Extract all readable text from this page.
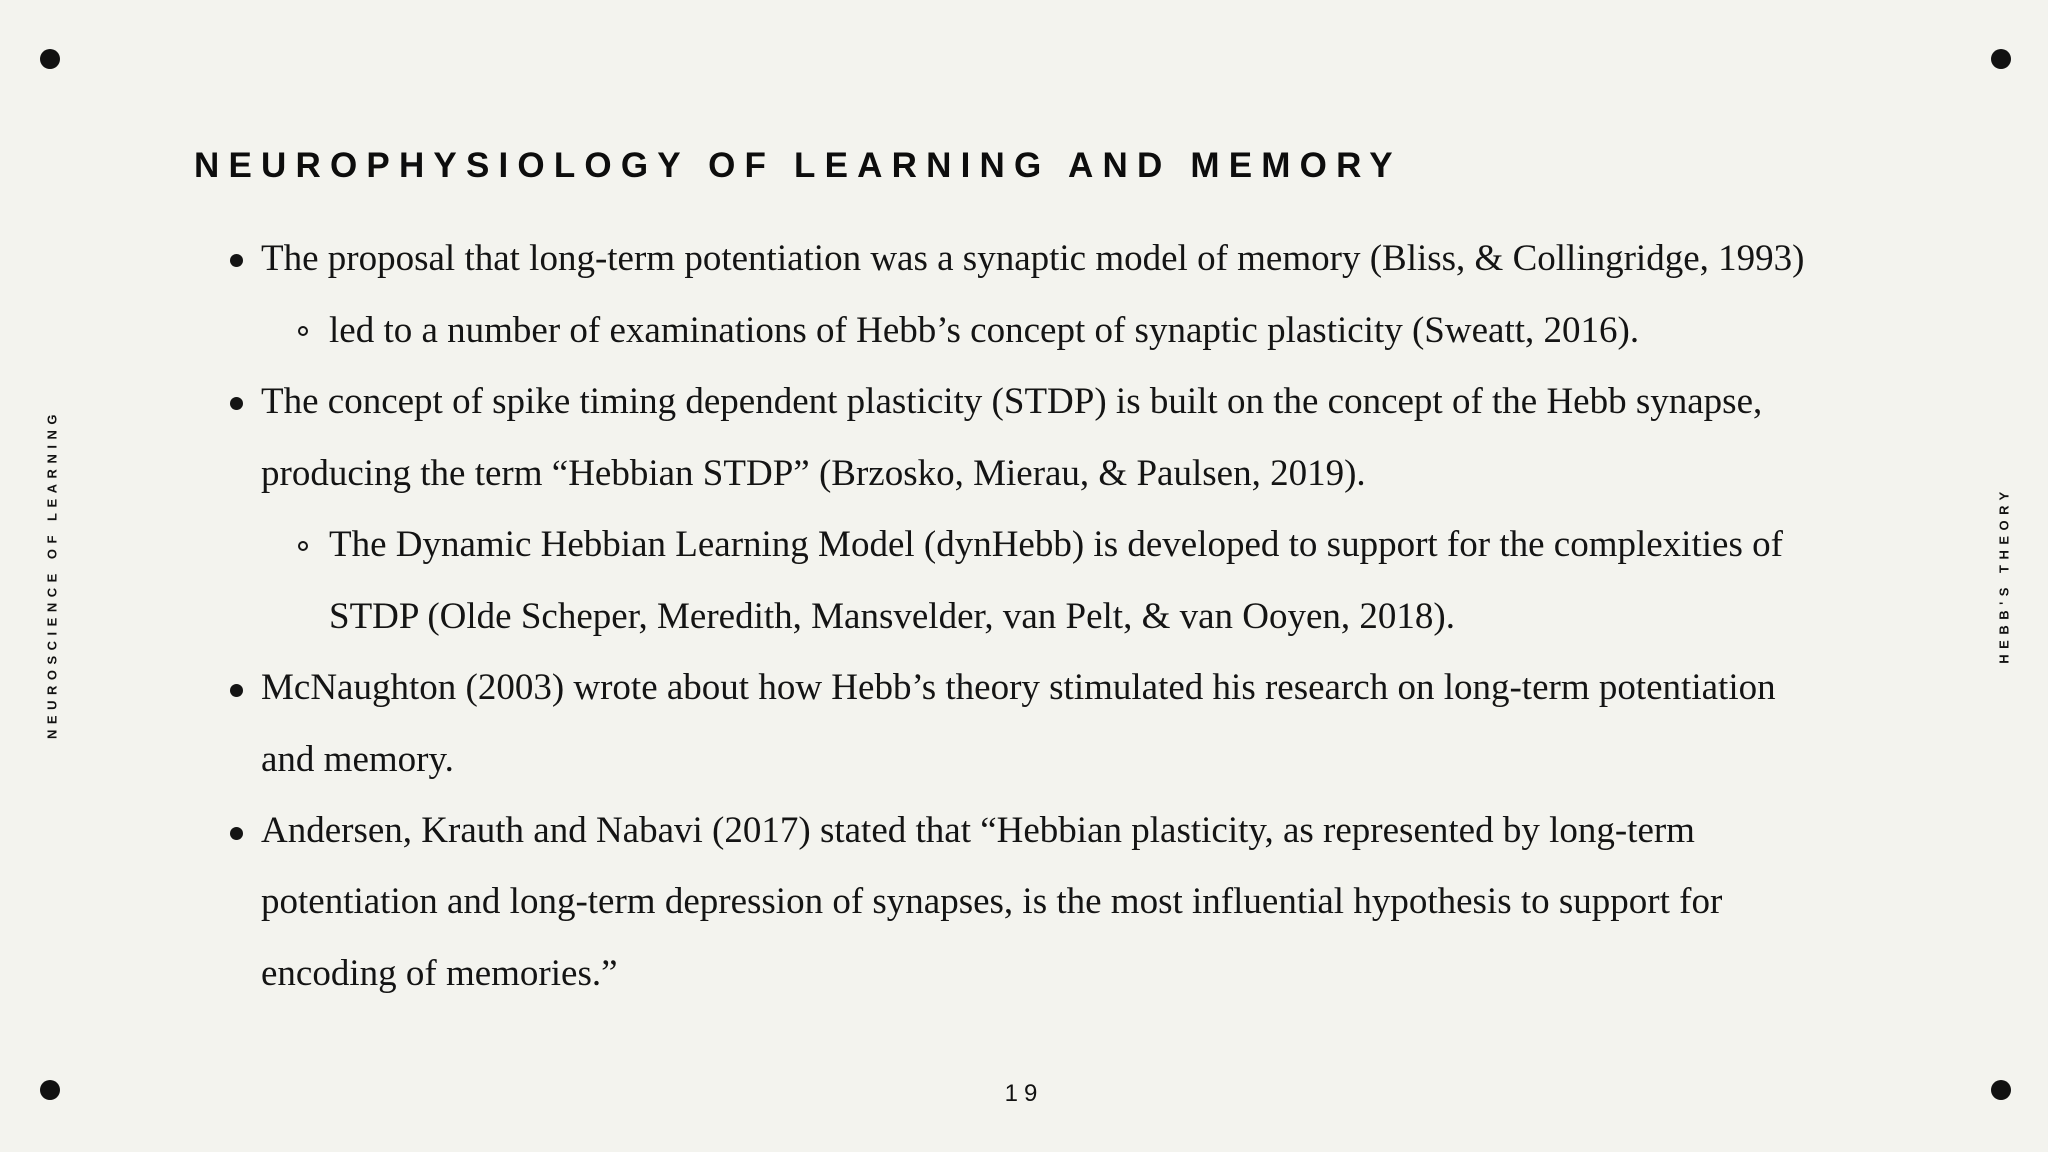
NEUROSCIENCE OF LEARNING	HEBB'S THEORY
NEUROPHYSIOLOGY OF LEARNING AND MEMORY
The proposal that long-term potentiation was a synaptic model of memory (Bliss, & Collingridge, 1993)
led to a number of examinations of Hebb’s concept of synaptic plasticity (Sweatt, 2016).
The concept of spike timing dependent plasticity (STDP) is built on the concept of the Hebb synapse,
producing the term “Hebbian STDP” (Brzosko, Mierau, & Paulsen, 2019).
The Dynamic Hebbian Learning Model (dynHebb) is developed to support for the complexities of
STDP (Olde Scheper, Meredith, Mansvelder, van Pelt, & van Ooyen, 2018).
McNaughton (2003) wrote about how Hebb’s theory stimulated his research on long-term potentiation
and memory.
Andersen, Krauth and Nabavi (2017) stated that “Hebbian plasticity, as represented by long-term
potentiation and long-term depression of synapses, is the most influential hypothesis to support for
encoding of memories.”
19
